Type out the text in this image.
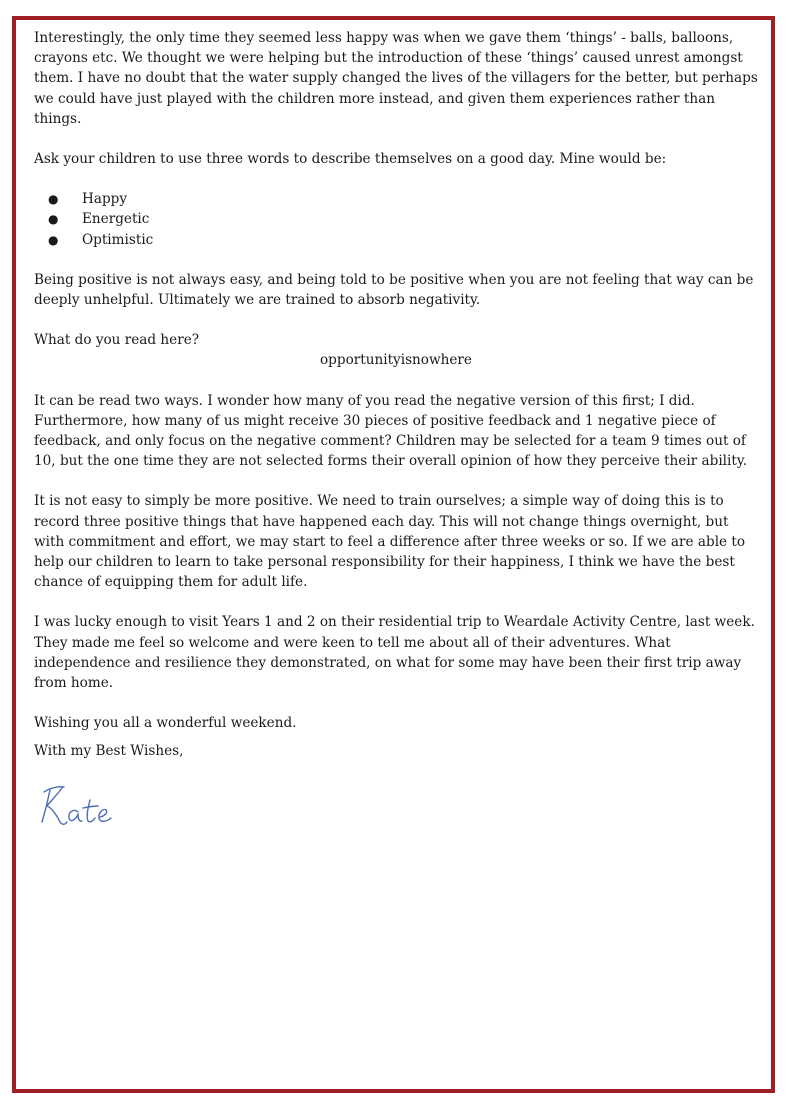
Interestingly, the only time they seemed less happy was when we gave them ‘things’ - balls, balloons, crayons etc. We thought we were helping but the introduction of these ‘things’ caused unrest amongst them. I have no doubt that the water supply changed the lives of the villagers for the better, but perhaps we could have just played with the children more instead, and given them experiences rather than things.

Ask your children to use three words to describe themselves on a good day. Mine would be:

● Happy
● Energetic
● Optimistic

Being positive is not always easy, and being told to be positive when you are not feeling that way can be deeply unhelpful. Ultimately we are trained to absorb negativity.

What do you read here?

opportunityisnowhere

It can be read two ways. I wonder how many of you read the negative version of this first; I did. Furthermore, how many of us might receive 30 pieces of positive feedback and 1 negative piece of feedback, and only focus on the negative comment? Children may be selected for a team 9 times out of 10, but the one time they are not selected forms their overall opinion of how they perceive their ability.

It is not easy to simply be more positive. We need to train ourselves; a simple way of doing this is to record three positive things that have happened each day. This will not change things overnight, but with commitment and effort, we may start to feel a difference after three weeks or so. If we are able to help our children to learn to take personal responsibility for their happiness, I think we have the best chance of equipping them for adult life.

I was lucky enough to visit Years 1 and 2 on their residential trip to Weardale Activity Centre, last week. They made me feel so welcome and were keen to tell me about all of their adventures. What independence and resilience they demonstrated, on what for some may have been their first trip away from home.

Wishing you all a wonderful weekend.

With my Best Wishes,
